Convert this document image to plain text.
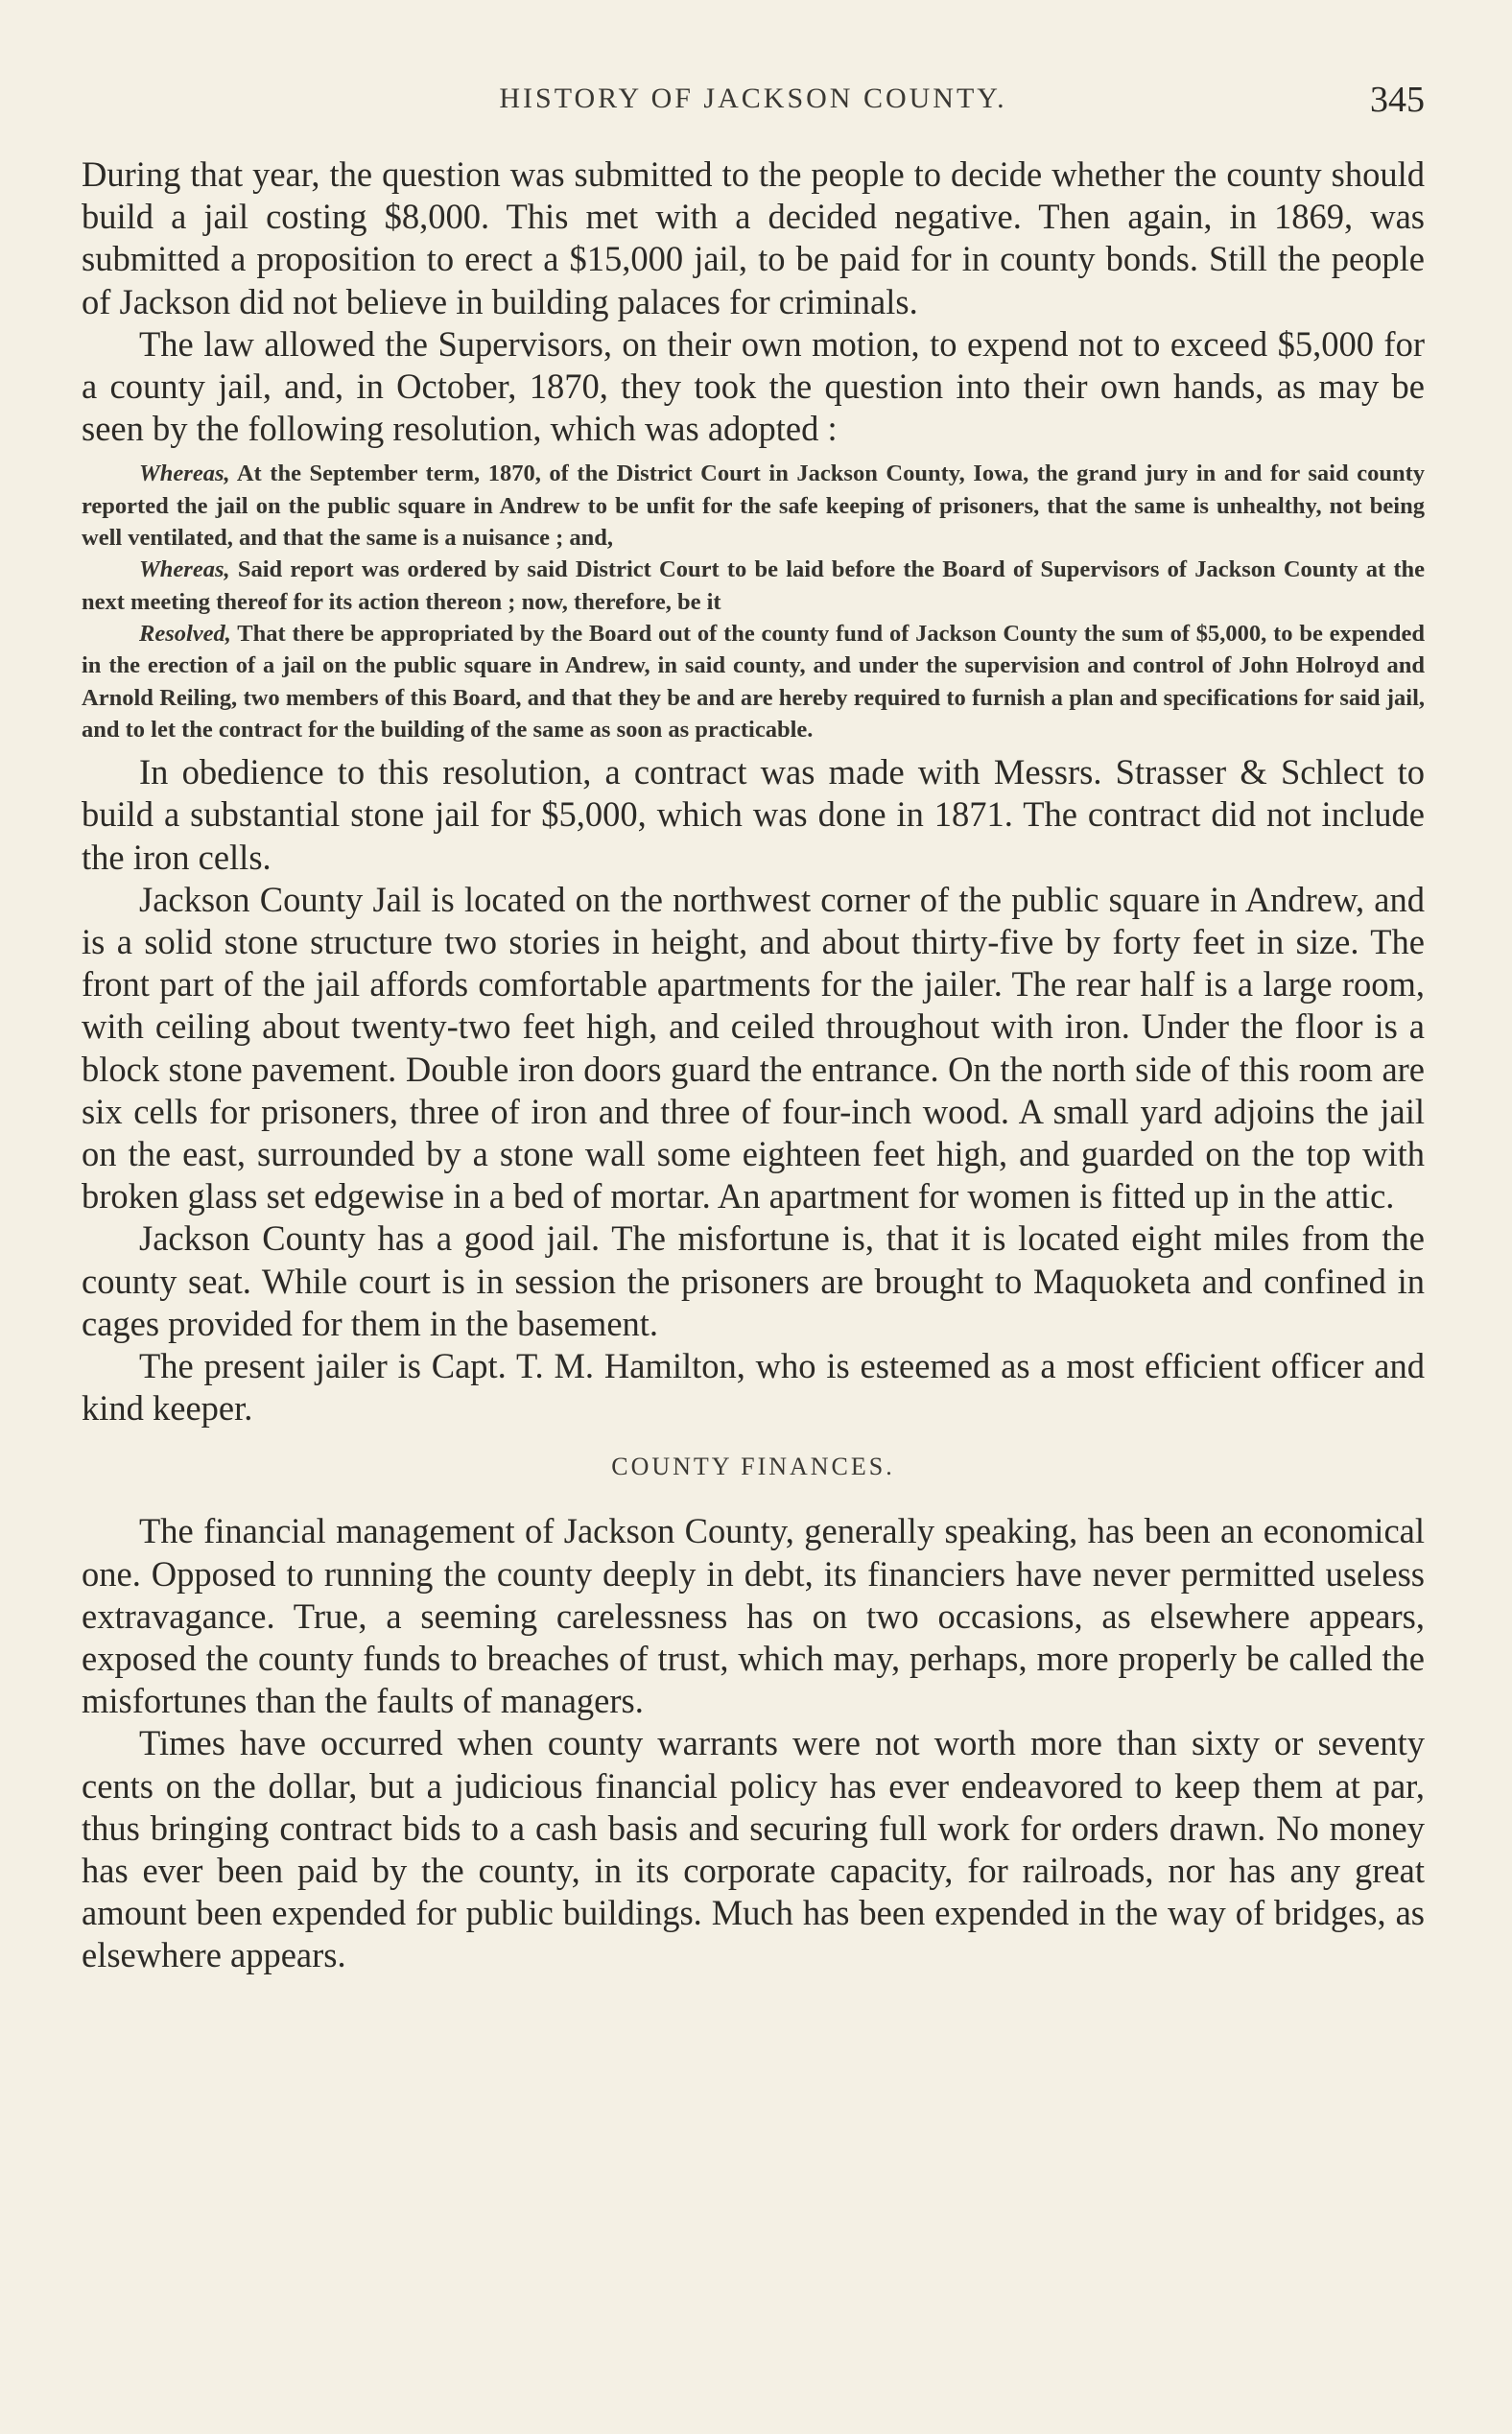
HISTORY OF JACKSON COUNTY.	345

During that year, the question was submitted to the people to decide whether the county should build a jail costing $8,000. This met with a decided negative. Then again, in 1869, was submitted a proposition to erect a $15,000 jail, to be paid for in county bonds. Still the people of Jackson did not believe in building palaces for criminals.

The law allowed the Supervisors, on their own motion, to expend not to exceed $5,000 for a county jail, and, in October, 1870, they took the question into their own hands, as may be seen by the following resolution, which was adopted :

Whereas, At the September term, 1870, of the District Court in Jackson County, Iowa, the grand jury in and for said county reported the jail on the public square in Andrew to be unfit for the safe keeping of prisoners, that the same is unhealthy, not being well ventilated, and that the same is a nuisance ; and,

Whereas, Said report was ordered by said District Court to be laid before the Board of Supervisors of Jackson County at the next meeting thereof for its action thereon ; now, therefore, be it

Resolved, That there be appropriated by the Board out of the county fund of Jackson County the sum of $5,000, to be expended in the erection of a jail on the public square in Andrew, in said county, and under the supervision and control of John Holroyd and Arnold Reiling, two members of this Board, and that they be and are hereby required to furnish a plan and specifications for said jail, and to let the contract for the building of the same as soon as practicable.

In obedience to this resolution, a contract was made with Messrs. Strasser & Schlect to build a substantial stone jail for $5,000, which was done in 1871. The contract did not include the iron cells.

Jackson County Jail is located on the northwest corner of the public square in Andrew, and is a solid stone structure two stories in height, and about thirty-five by forty feet in size. The front part of the jail affords comfortable apartments for the jailer. The rear half is a large room, with ceiling about twenty-two feet high, and ceiled throughout with iron. Under the floor is a block stone pavement. Double iron doors guard the entrance. On the north side of this room are six cells for prisoners, three of iron and three of four-inch wood. A small yard adjoins the jail on the east, surrounded by a stone wall some eighteen feet high, and guarded on the top with broken glass set edgewise in a bed of mortar. An apartment for women is fitted up in the attic.

Jackson County has a good jail. The misfortune is, that it is located eight miles from the county seat. While court is in session the prisoners are brought to Maquoketa and confined in cages provided for them in the basement.

The present jailer is Capt. T. M. Hamilton, who is esteemed as a most efficient officer and kind keeper.

COUNTY FINANCES.

The financial management of Jackson County, generally speaking, has been an economical one. Opposed to running the county deeply in debt, its financiers have never permitted useless extravagance. True, a seeming carelessness has on two occasions, as elsewhere appears, exposed the county funds to breaches of trust, which may, perhaps, more properly be called the misfortunes than the faults of managers.

Times have occurred when county warrants were not worth more than sixty or seventy cents on the dollar, but a judicious financial policy has ever endeavored to keep them at par, thus bringing contract bids to a cash basis and securing full work for orders drawn. No money has ever been paid by the county, in its corporate capacity, for railroads, nor has any great amount been expended for public buildings. Much has been expended in the way of bridges, as elsewhere appears.
